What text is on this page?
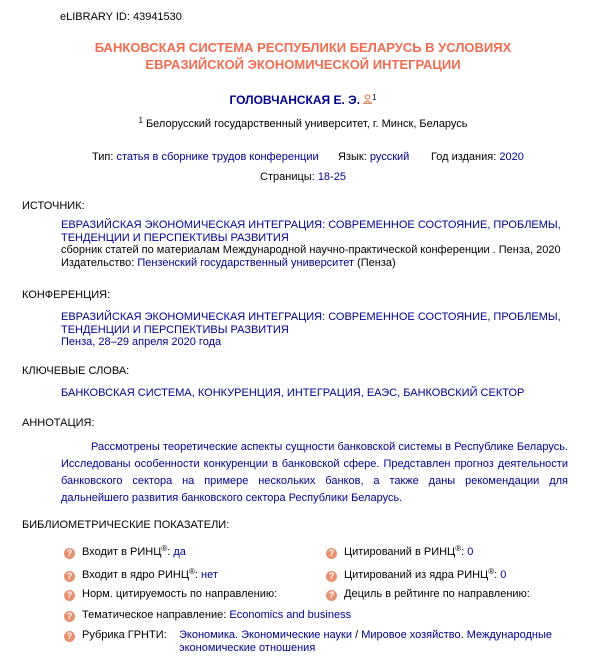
eLIBRARY ID: 43941530
БАНКОВСКАЯ СИСТЕМА РЕСПУБЛИКИ БЕЛАРУСЬ В УСЛОВИЯХ
ЕВРАЗИЙСКОЙ ЭКОНОМИЧЕСКОЙ ИНТЕГРАЦИИ
ГОЛОВЧАНСКАЯ Е. Э. $^1$
$^1$ Белорусский государственный университет, г. Минск, Беларусь
Тип: статья в сборнике трудов конференции Язык: русский Год издания: 2020
Страницы: 18-25
ИСТОЧНИК:
ЕВРАЗИЙСКАЯ ЭКОНОМИЧЕСКАЯ ИНТЕГРАЦИЯ: СОВРЕМЕННОЕ СОСТОЯНИЕ, ПРОБЛЕМЫ,
ТЕНДЕНЦИИ И ПЕРСПЕКТИВЫ РАЗВИТИЯ
сборник статей по материалам Международной научно-практической конференции . Пенза, 2020
Издательство: Пензенский государственный университет (Пенза)
КОНФЕРЕНЦИЯ:
ЕВРАЗИЙСКАЯ ЭКОНОМИЧЕСКАЯ ИНТЕГРАЦИЯ: СОВРЕМЕННОЕ СОСТОЯНИЕ, ПРОБЛЕМЫ,
ТЕНДЕНЦИИ И ПЕРСПЕКТИВЫ РАЗВИТИЯ
Пенза, 28–29 апреля 2020 года
КЛЮЧЕВЫЕ СЛОВА:
БАНКОВСКАЯ СИСТЕМА, КОНКУРЕНЦИЯ, ИНТЕГРАЦИЯ, ЕАЭС, БАНКОВСКИЙ СЕКТОР
АННОТАЦИЯ:
Рассмотрены теоретические аспекты сущности банковской системы в Республике Беларусь. Исследованы особенности конкуренции в банковской сфере. Представлен прогноз деятельности банковского сектора на примере нескольких банков, а также даны рекомендации для дальнейшего развития банковского сектора Республики Беларусь.
БИБЛИОМЕТРИЧЕСКИЕ ПОКАЗАТЕЛИ:
? Входит в РИНЦ®: да	? Цитирований в РИНЦ®: 0
? Входит в ядро РИНЦ®: нет	? Цитирований из ядра РИНЦ®: 0
? Норм. цитируемость по направлению:	? Дециль в рейтинге по направлению:
? Тематическое направление: Economics and business
? Рубрика ГРНТИ: Экономика. Экономические науки / Мировое хозяйство. Международные
экономические отношения
